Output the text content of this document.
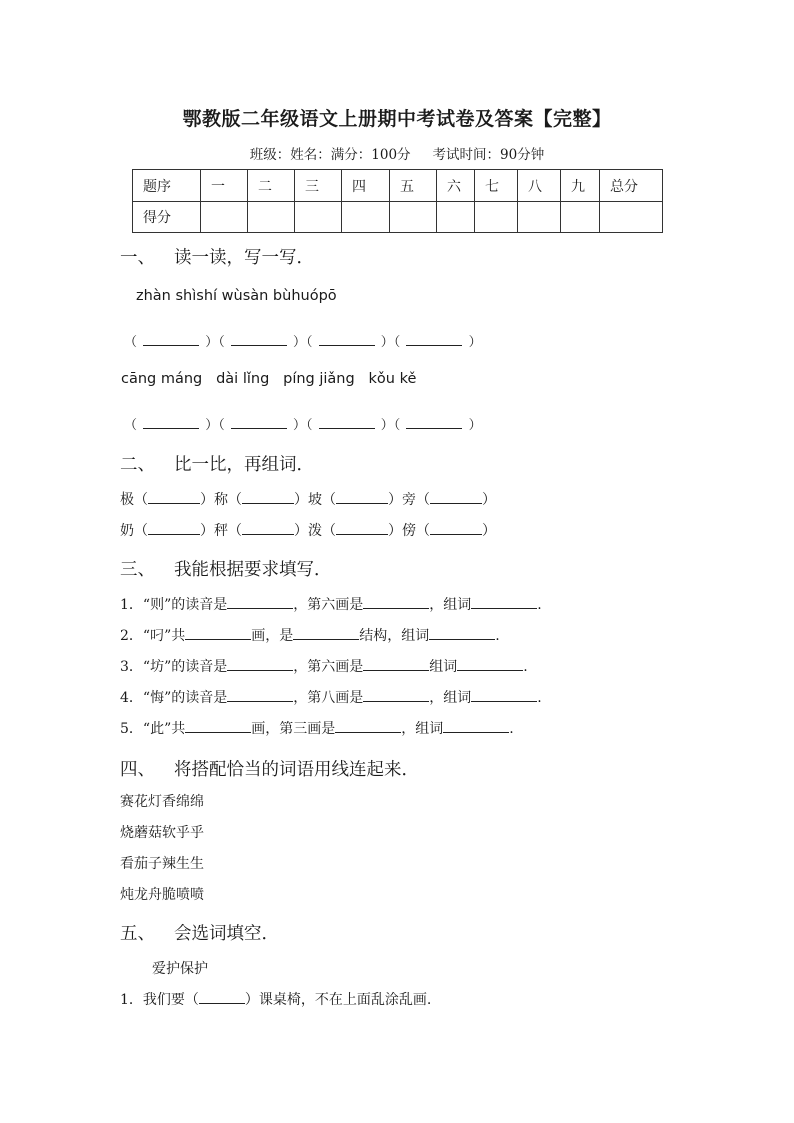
鄂教版二年级语文上册期中考试卷及答案【完整】
班级：姓名：满分：100分 考试时间：90分钟
题序	一	二	三	四	五	六	七	八	九	总分
得分										
一、 读一读，写一写．
zhàn shìshí wùsàn bùhuópō
（	）（	）（	）（	）
cāng máng dài lǐng píng jiǎng kǒu kě
（	）（	）（	）（	）
二、 比一比，再组词．
极（	）称（	）坡（	）旁（	）
奶（	）秤（	）泼（	）傍（	）
三、 我能根据要求填写．
1．“则”的读音是	，第六画是	，组词	.
2．“叼”共	画，是	结构，组词	.
3．“坊”的读音是	，第六画是	组词	.
4．“悔”的读音是	，第八画是	，组词	.
5．“此”共	画，第三画是	，组词	.
四、 将搭配恰当的词语用线连起来．
赛花灯香绵绵
烧蘑菇软乎乎
看茄子辣生生
炖龙舟脆喷喷
五、 会选词填空．
爱护保护
1．我们要（	）课桌椅，不在上面乱涂乱画.
